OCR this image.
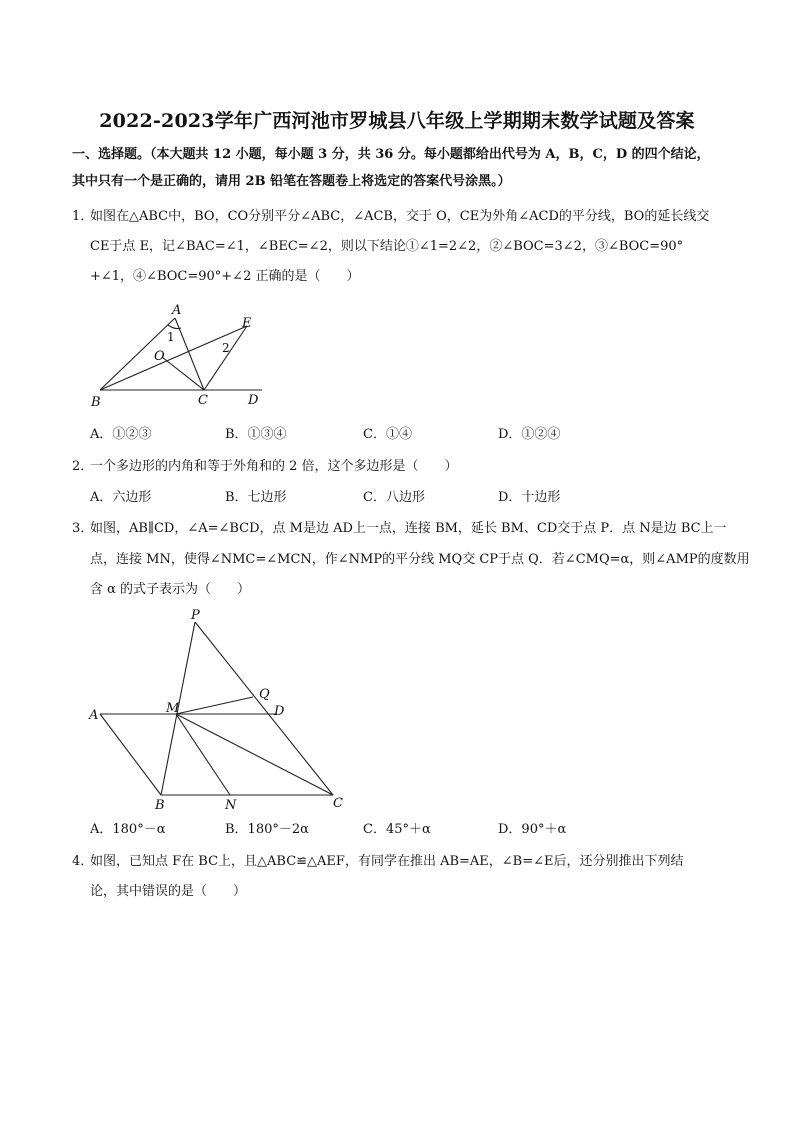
2022-2023学年广西河池市罗城县八年级上学期期末数学试题及答案
一、选择题。（本大题共 12 小题，每小题 3 分，共 36 分。每小题都给出代号为 A，B，C，D 的四个结论，
其中只有一个是正确的，请用 2B 铅笔在答题卷上将选定的答案代号涂黑。）
1．
如图在△ABC中，BO，CO分别平分∠ABC，∠ACB，交于 O，CE为外角∠ACD的平分线，BO的延长线交
CE于点 E，记∠BAC=∠1，∠BEC=∠2，则以下结论①∠1=2∠2，②∠BOC=3∠2，③∠BOC=90°
+∠1，④∠BOC=90°+∠2 正确的是（　　）
A
E
1
2
O
B	C	D
A．①②③	B．①③④	C．①④	D．①②④
2．
一个多边形的内角和等于外角和的 2 倍，这个多边形是（　　）
A．六边形	B．七边形	C．八边形	D．十边形
3．
如图，AB∥CD，∠A=∠BCD，点 M是边 AD上一点，连接 BM，延长 BM、CD交于点 P．点 N是边 BC上一
点，连接 MN，使得∠NMC=∠MCN，作∠NMP的平分线 MQ交 CP于点 Q．若∠CMQ=α，则∠AMP的度数用
含 α 的式子表示为（　　）
P
Q
A	M	D
B	N	C
A．180°－α	B．180°－2α	C．45°＋α	D．90°＋α
4．
如图，已知点 F在 BC上，且△ABC≌△AEF，有同学在推出 AB=AE，∠B=∠E后，还分别推出下列结
论，其中错误的是（　　）
